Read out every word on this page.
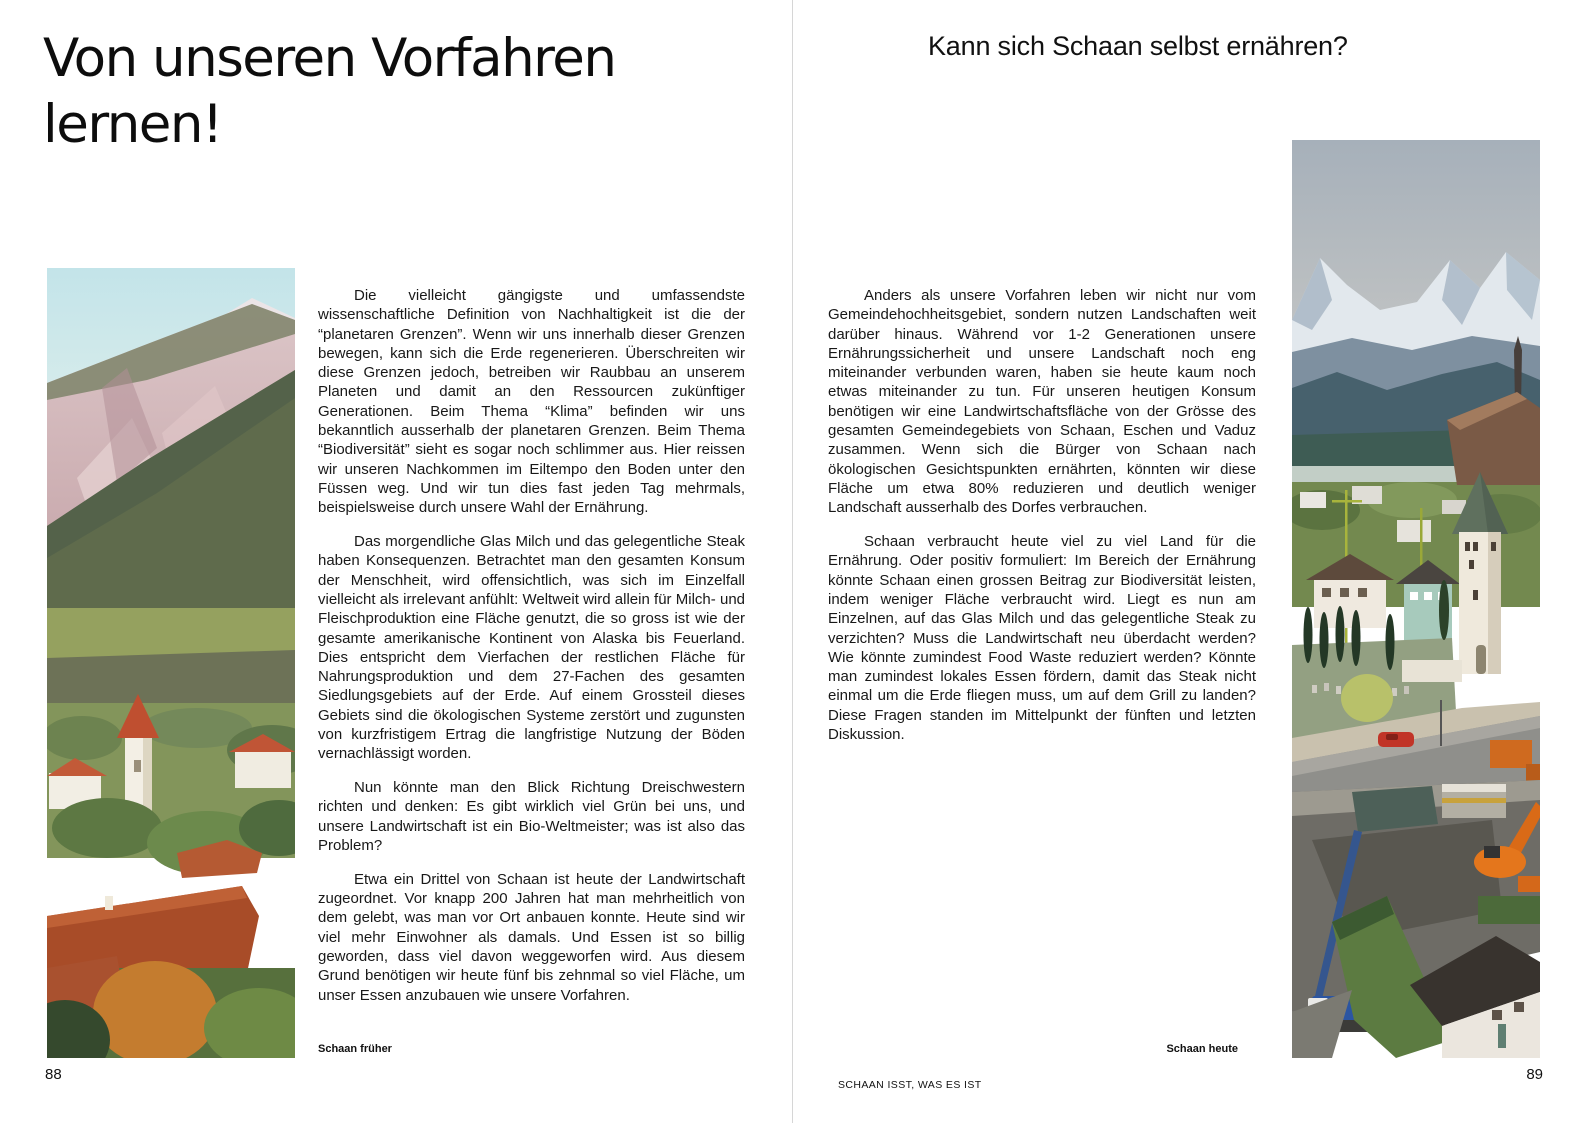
Von unseren Vorfahren lernen!

Die vielleicht gängigste und umfassendste wissenschaftliche Definition von Nachhaltigkeit ist die der “planetaren Grenzen”. Wenn wir uns innerhalb dieser Grenzen bewegen, kann sich die Erde regenerieren. Überschreiten wir diese Grenzen jedoch, betreiben wir Raubbau an unserem Planeten und damit an den Ressourcen zukünftiger Generationen. Beim Thema “Klima” befinden wir uns bekanntlich ausserhalb der planetaren Grenzen. Beim Thema “Biodiversität” sieht es sogar noch schlimmer aus. Hier reissen wir unseren Nachkommen im Eiltempo den Boden unter den Füssen weg. Und wir tun dies fast jeden Tag mehrmals, beispielsweise durch unsere Wahl der Ernährung.

Das morgendliche Glas Milch und das gelegentliche Steak haben Konsequenzen. Betrachtet man den gesamten Konsum der Menschheit, wird offensichtlich, was sich im Einzelfall vielleicht als irrelevant anfühlt: Weltweit wird allein für Milch- und Fleischproduktion eine Fläche genutzt, die so gross ist wie der gesamte amerikanische Kontinent von Alaska bis Feuerland. Dies entspricht dem Vierfachen der restlichen Fläche für Nahrungsproduktion und dem 27-Fachen des gesamten Siedlungsgebiets auf der Erde. Auf einem Grossteil dieses Gebiets sind die ökologischen Systeme zerstört und zugunsten von kurzfristigem Ertrag die langfristige Nutzung der Böden vernachlässigt worden.

Nun könnte man den Blick Richtung Dreischwestern richten und denken: Es gibt wirklich viel Grün bei uns, und unsere Landwirtschaft ist ein Bio-Weltmeister; was ist also das Problem?

Etwa ein Drittel von Schaan ist heute der Landwirtschaft zugeordnet. Vor knapp 200 Jahren hat man mehrheitlich von dem gelebt, was man vor Ort anbauen konnte. Heute sind wir viel mehr Einwohner als damals. Und Essen ist so billig geworden, dass viel davon weggeworfen wird. Aus diesem Grund benötigen wir heute fünf bis zehnmal so viel Fläche, um unser Essen anzubauen wie unsere Vorfahren.

Schaan früher
88
Kann sich Schaan selbst ernähren?

Anders als unsere Vorfahren leben wir nicht nur vom Gemeindehochheitsgebiet, sondern nutzen Landschaften weit darüber hinaus. Während vor 1-2 Generationen unsere Ernährungssicherheit und unsere Landschaft noch eng miteinander verbunden waren, haben sie heute kaum noch etwas miteinander zu tun. Für unseren heutigen Konsum benötigen wir eine Landwirtschaftsfläche von der Grösse des gesamten Gemeindegebiets von Schaan, Eschen und Vaduz zusammen. Wenn sich die Bürger von Schaan nach ökologischen Gesichtspunkten ernährten, könnten wir diese Fläche um etwa 80% reduzieren und deutlich weniger Landschaft ausserhalb des Dorfes verbrauchen.

Schaan verbraucht heute viel zu viel Land für die Ernährung. Oder positiv formuliert: Im Bereich der Ernährung könnte Schaan einen grossen Beitrag zur Biodiversität leisten, indem weniger Fläche verbraucht wird. Liegt es nun am Einzelnen, auf das Glas Milch und das gelegentliche Steak zu verzichten? Muss die Landwirtschaft neu überdacht werden? Wie könnte zumindest Food Waste reduziert werden? Könnte man zumindest lokales Essen fördern, damit das Steak nicht einmal um die Erde fliegen muss, um auf dem Grill zu landen? Diese Fragen standen im Mittelpunkt der fünften und letzten Diskussion.

Schaan heute
SCHAAN ISST, WAS ES IST
89
